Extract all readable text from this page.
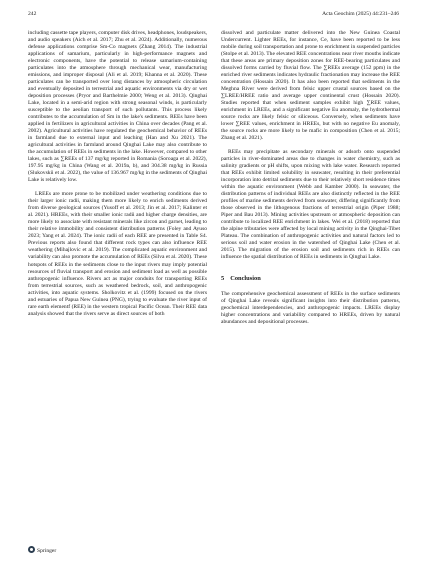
242	Acta Geochim (2025) 44:231–246

including cassette tape players, computer disk drives, headphones, loudspeakers, and audio speakers (Aich et al. 2017; Zhu et al. 2024). Additionally, numerous defense applications comprise Sm-Co magnets (Zhang 2014). The industrial applications of samarium, particularly in high-performance magnets and electronic components, have the potential to release samarium-containing particulates into the atmosphere through mechanical wear, manufacturing emissions, and improper disposal (Ali et al. 2019; Khanna et al. 2020). These particulates can be transported over long distances by atmospheric circulation and eventually deposited in terrestrial and aquatic environments via dry or wet deposition processes (Pryor and Barthelmie 2000; Weng et al. 2013). Qinghai Lake, located in a semi-arid region with strong seasonal winds, is particularly susceptible to the aeolian transport of such pollutants. This process likely contributes to the accumulation of Sm in the lake's sediments. REEs have been applied in fertilizers in agricultural activities in China over decades (Pang et al. 2002). Agricultural activities have regulated the geochemical behavior of REEs in farmland due to external input and leaching (Han and Xu 2021). The agricultural activities in farmland around Qinghai Lake may also contribute to the accumulation of REEs in sediments in the lake. However, compared to other lakes, such as ∑REEs of 137 mg/kg reported in Romania (Soroaga et al. 2022), 197.95 mg/kg in China (Wang et al. 2019a, b), and 304.38 mg/kg in Russia (Slukovskii et al. 2022), the value of 136.967 mg/kg in the sediments of Qinghai Lake is relatively low.

LREEs are more prone to be mobilized under weathering conditions due to their larger ionic radii, making them more likely to enrich sediments derived from diverse geological sources (Yusoff et al. 2013; Jin et al. 2017; Kalinter et al. 2021). HREEs, with their smaller ionic radii and higher charge densities, are more likely to associate with resistant minerals like zircon and garnet, leading to their relative immobility and consistent distribution patterns (Foley and Ayuso 2023; Yang et al. 2024). The ionic radii of each REE are presented in Table S4. Previous reports also found that different rock types can also influence REE weathering (Mihajlovic et al. 2019). The complicated aquatic environment and variability can also promote the accumulation of REEs (Silva et al. 2020). These hotspots of REEs in the sediments close to the input rivers may imply potential resources of fluvial transport and erosion and sediment load as well as possible anthropogenic influence. Rivers act as major conduits for transporting REEs from terrestrial sources, such as weathered bedrock, soil, and anthropogenic activities, into aquatic systems. Sholkovitz et al. (1999) focused on the rivers and estuaries of Papua New Guinea (PNG), trying to evaluate the river input of rare earth elementf (REE) in the western tropical Pacific Ocean. Their REE data analysis showed that the rivers serve as direct sources of both

dissolved and particulate matter delivered into the New Guinea Coastal Undercurrent. Lighter REEs, for instance, Ce, have been reported to be less mobile during soil transportation and prone to enrichment in suspended particles (Stolpe et al. 2013). The elevated REE concentrations near river mouths indicate that these areas are primary deposition zones for REE-bearing particulates and dissolved forms carried by fluvial flow. The ∑REEs average (152 ppm) in the enriched river sediments indicates hydraulic fractionation may increase the REE concentration (Hossain 2020). It has also been reported that sediments in the Meghna River were derived from felsic upper crustal sources based on the ∑LREE/HREE ratio and average upper continental crust (Hossain 2020). Studies reported that when sediment samples exhibit high ∑REE values, enrichment in LREEs, and a significant negative Eu anomaly, the hydrothermal source rocks are likely felsic or siliceous. Conversely, when sediments have lower ∑REE values, enrichment in HREEs, but with no negative Eu anomaly, the source rocks are more likely to be mafic in composition (Chen et al. 2015; Zhang et al. 2021).

REEs may precipitate as secondary minerals or adsorb onto suspended particles in river-dominated areas due to changes in water chemistry, such as salinity gradients or pH shifts, upon mixing with lake water. Research reported that REEs exhibit limited solubility in seawater, resulting in their preferential incorporation into detrital sediments due to their relatively short residence times within the aquatic environment (Webb and Kamber 2000). In seawater, the distribution patterns of individual REEs are also distinctly reflected in the REE profiles of marine sediments derived from seawater, differing significantly from those observed in the lithogenous fractions of terrestrial origin (Piper 1988; Piper and Bau 2013). Mining activities upstream or atmospheric deposition can contribute to localized REE enrichment in lakes. Wei et al. (2018) reported that the alpine tributaries were affected by local mining activity in the Qinghai-Tibet Plateau. The combination of anthropogenic activities and natural factors led to serious soil and water erosion in the watershed of Qinghai Lake (Chen et al. 2015). The migration of the erosion soil and sediments rich in REEs can influence the spatial distribution of REEs in sediments in Qinghai Lake.

5 Conclusion

The comprehensive geochemical assessment of REEs in the surface sediments of Qinghai Lake reveals significant insights into their distribution patterns, geochemical interdependencies, and anthropogenic impacts. LREEs display higher concentrations and variability compared to HREEs, driven by natural abundances and depositional processes.

Springer
